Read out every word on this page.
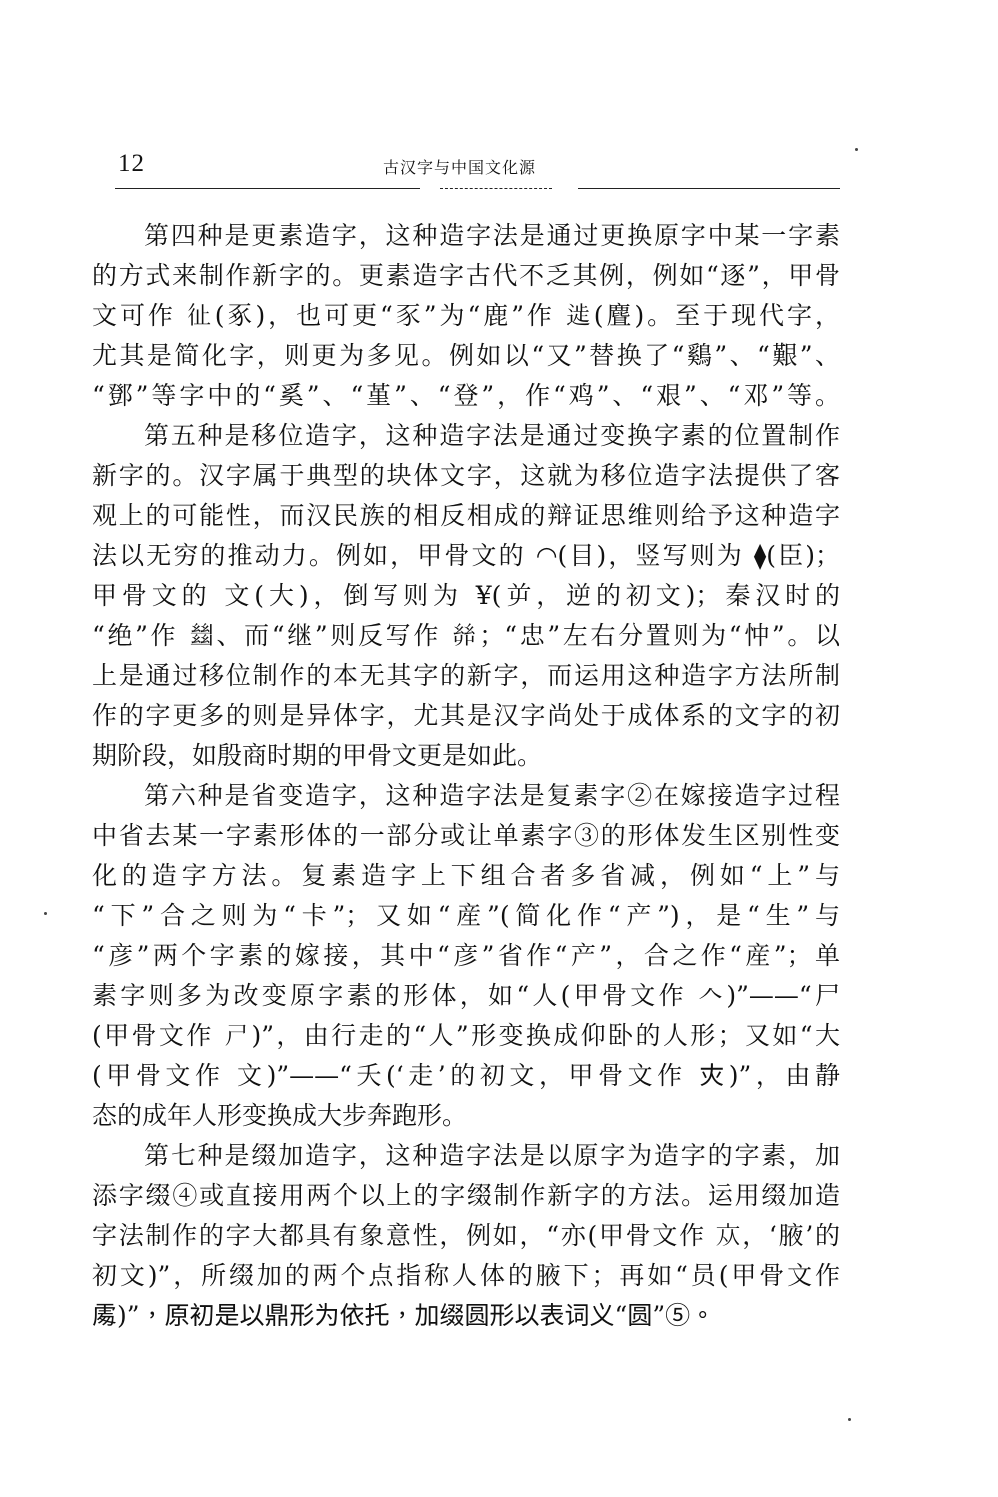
12	古汉字与中国文化源
第四种是更素造字，这种造字法是通过更换原字中某一字素
的方式来制作新字的。更素造字古代不乏其例，例如“逐”，甲骨
文可作 𢓊(豖)，也可更“豕”为“鹿”作 𨔀(麆)。至于现代字，
尤其是简化字，则更为多见。例如以“又”替换了“鷄”、“艱”、
“鄧”等字中的“奚”、“堇”、“登”，作“鸡”、“艰”、“邓”等。
第五种是移位造字，这种造字法是通过变换字素的位置制作
新字的。汉字属于典型的块体文字，这就为移位造字法提供了客
观上的可能性，而汉民族的相反相成的辩证思维则给予这种造字
法以无穷的推动力。例如，甲骨文的 ◠(目)，竖写则为 ⧫(臣)；
甲骨文的 ⽂(大)，倒写则为 ¥(屰，逆的初文)；秦汉时的
“绝”作 𢇍、而“继”则反写作 𢇇；“忠”左右分置则为“忡”。以
上是通过移位制作的本无其字的新字，而运用这种造字方法所制
作的字更多的则是异体字，尤其是汉字尚处于成体系的文字的初
期阶段，如殷商时期的甲骨文更是如此。
第六种是省变造字，这种造字法是复素字②在嫁接造字过程
中省去某一字素形体的一部分或让单素字③的形体发生区别性变
化的造字方法。复素造字上下组合者多省减，例如“上”与
“下”合之则为“卡”；又如“産”(简化作“产”)，是“生”与
“彦”两个字素的嫁接，其中“彦”省作“产”，合之作“産”；单
素字则多为改变原字素的形体，如“人(甲骨文作 𠆢)”——“尸
(甲骨文作 𡰣)”，由行走的“人”形变换成仰卧的人形；又如“大
(甲骨文作 ⽂)”——“夭(‘走’的初文，甲骨文作 𡗜)”，由静
态的成年人形变换成大步奔跑形。
第七种是缀加造字，这种造字法是以原字为造字的字素，加
添字缀④或直接用两个以上的字缀制作新字的方法。运用缀加造
字法制作的字大都具有象意性，例如，“亦(甲骨文作 𠅃，‘腋’的
初文)”，所缀加的两个点指称人体的腋下；再如“员(甲骨文作
𠁅)”，原初是以鼎形为依托，加缀圆形以表词义“圆”⑤。
